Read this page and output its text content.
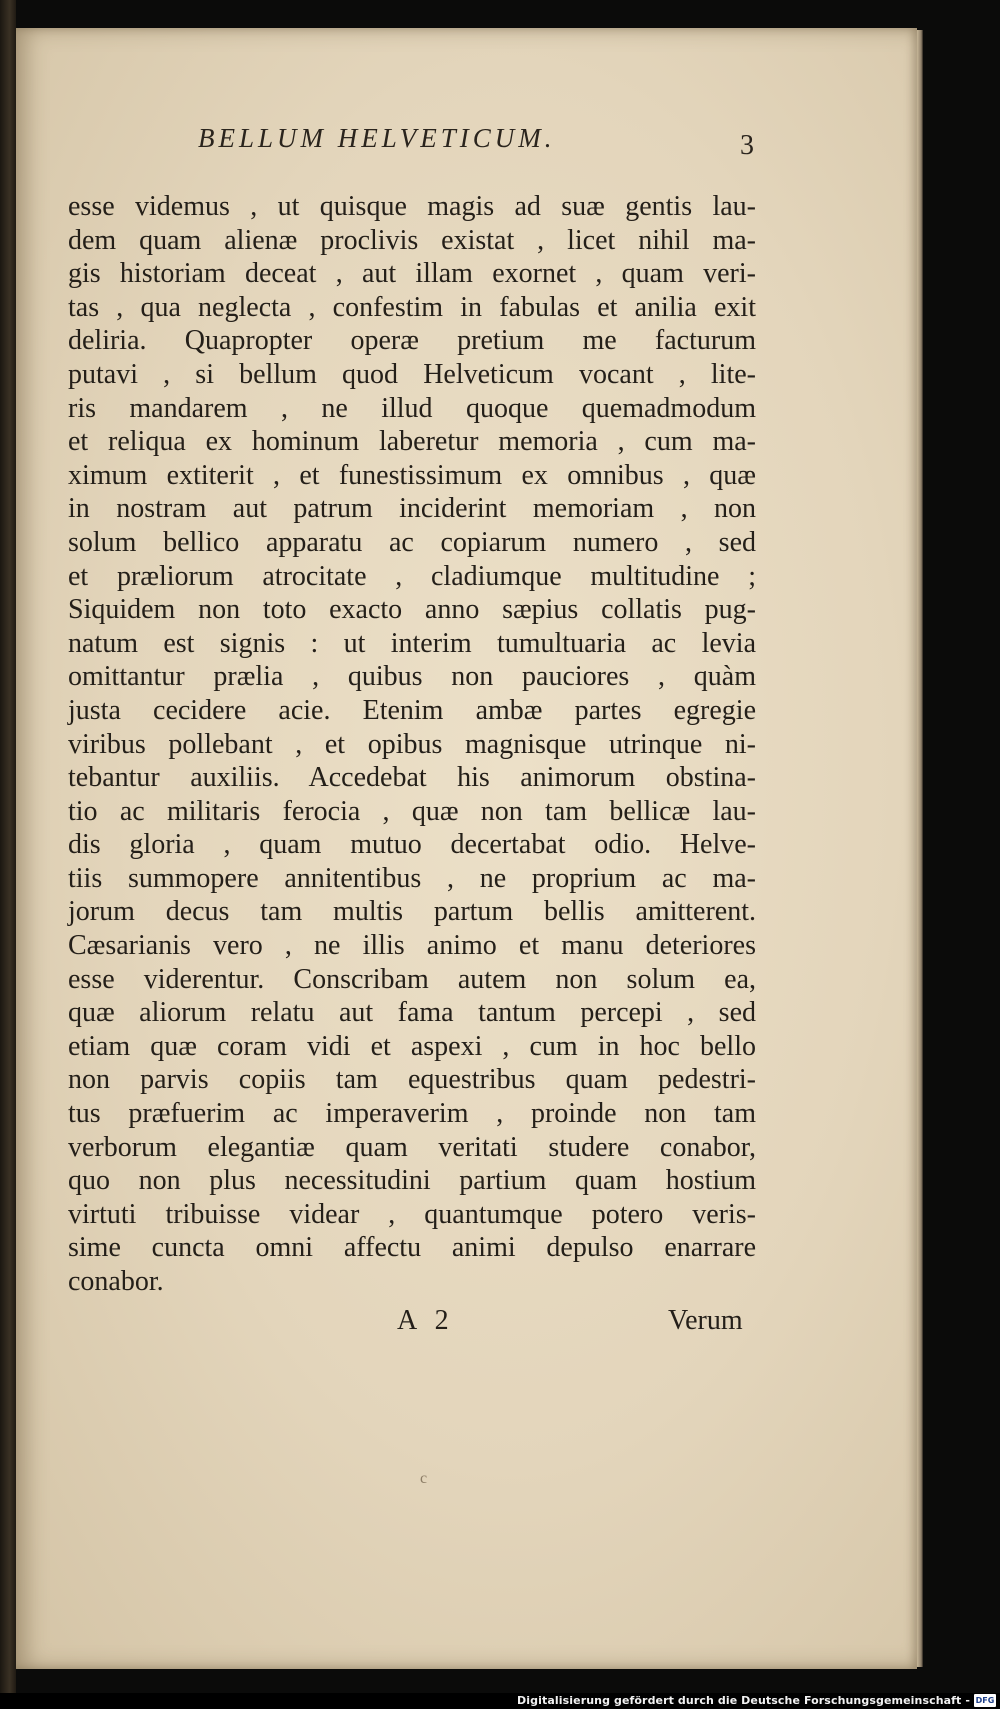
BELLUM HELVETICUM.	3
esse videmus , ut quisque magis ad suæ gentis lau-
dem quam alienæ proclivis existat , licet nihil ma-
gis historiam deceat , aut illam exornet , quam veri-
tas , qua neglecta , confestim in fabulas et anilia exit
deliria. Quapropter operæ pretium me facturum
putavi , si bellum quod Helveticum vocant , lite-
ris mandarem , ne illud quoque quemadmodum
et reliqua ex hominum laberetur memoria , cum ma-
ximum extiterit , et funestissimum ex omnibus , quæ
in nostram aut patrum inciderint memoriam , non
solum bellico apparatu ac copiarum numero , sed
et præliorum atrocitate , cladiumque multitudine ;
Siquidem non toto exacto anno sæpius collatis pug-
natum est signis : ut interim tumultuaria ac levia
omittantur prælia , quibus non pauciores , quàm
justa cecidere acie. Etenim ambæ partes egregie
viribus pollebant , et opibus magnisque utrinque ni-
tebantur auxiliis. Accedebat his animorum obstina-
tio ac militaris ferocia , quæ non tam bellicæ lau-
dis gloria , quam mutuo decertabat odio. Helve-
tiis summopere annitentibus , ne proprium ac ma-
jorum decus tam multis partum bellis amitterent.
Cæsarianis vero , ne illis animo et manu deteriores
esse viderentur. Conscribam autem non solum ea,
quæ aliorum relatu aut fama tantum percepi , sed
etiam quæ coram vidi et aspexi , cum in hoc bello
non parvis copiis tam equestribus quam pedestri-
tus præfuerim ac imperaverim , proinde non tam
verborum elegantiæ quam veritati studere conabor,
quo non plus necessitudini partium quam hostium
virtuti tribuisse videar , quantumque potero veris-
sime cuncta omni affectu animi depulso enarrare
conabor.
A 2	Verum
c
Digitalisierung gefördert durch die Deutsche Forschungsgemeinschaft - DFG
